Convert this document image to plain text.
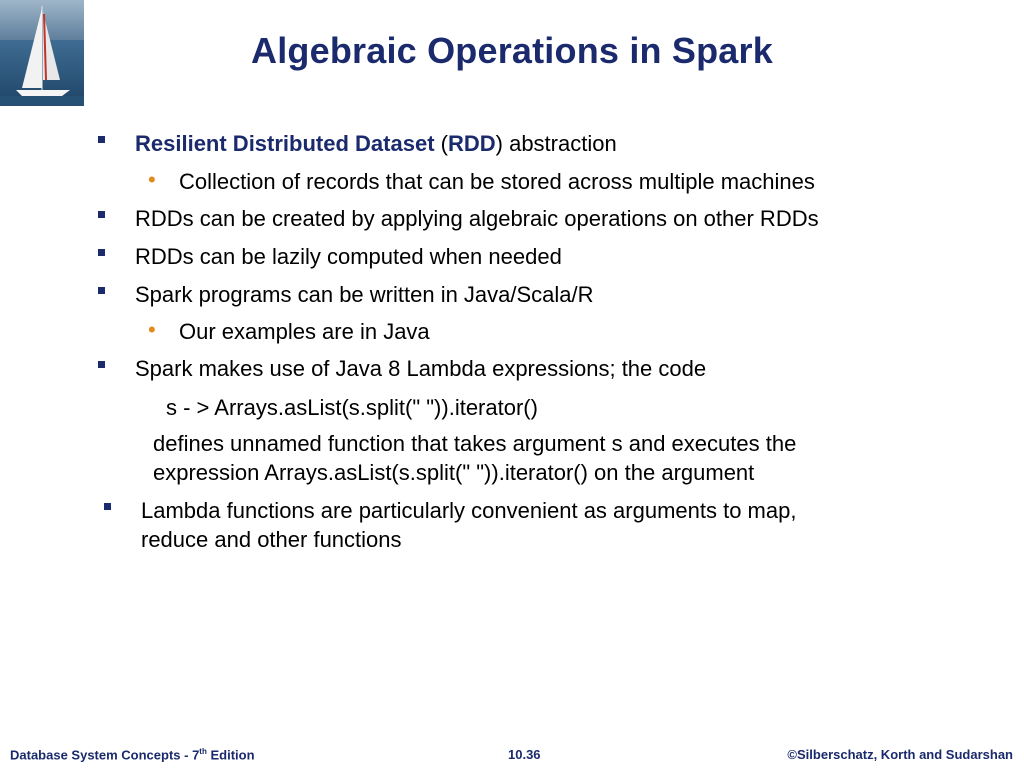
Algebraic Operations in Spark
Resilient Distributed Dataset (RDD) abstraction
• Collection of records that can be stored across multiple machines
RDDs can be created by applying algebraic operations on other RDDs
RDDs can be lazily computed when needed
Spark programs can be written in Java/Scala/R
• Our examples are in Java
Spark makes use of Java 8 Lambda expressions; the code
s - > Arrays.asList(s.split(" ")).iterator()
defines unnamed function that takes argument s and executes the
expression Arrays.asList(s.split(" ")).iterator() on the argument
Lambda functions are particularly convenient as arguments to map,
reduce and other functions
Database System Concepts - 7th Edition	10.36	©Silberschatz, Korth and Sudarshan
